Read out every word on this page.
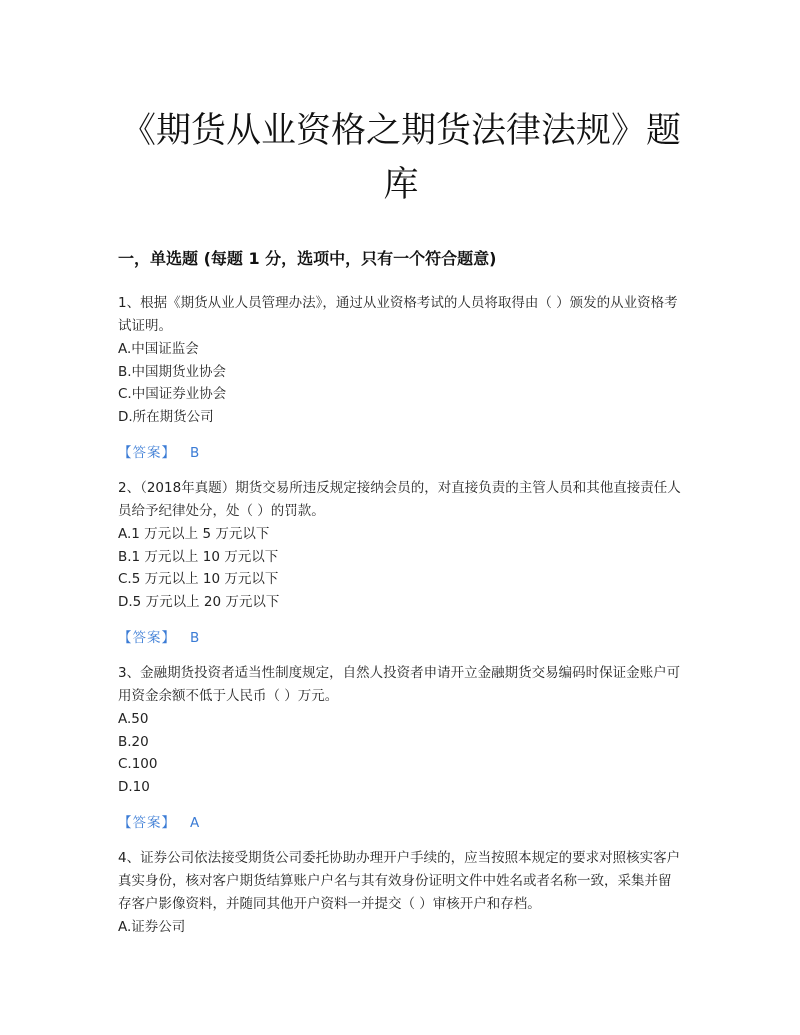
《期货从业资格之期货法律法规》题
库
一，单选题 (每题 1 分，选项中，只有一个符合题意)

1、根据《期货从业人员管理办法》，通过从业资格考试的人员将取得由（ ）颁发的从业资格考试证明。

A.中国证监会

B.中国期货业协会

C.中国证券业协会

D.所在期货公司

【答案】 B

2、（2018年真题）期货交易所违反规定接纳会员的，对直接负责的主管人员和其他直接责任人员给予纪律处分，处（ ）的罚款。

A.1 万元以上 5 万元以下

B.1 万元以上 10 万元以下

C.5 万元以上 10 万元以下

D.5 万元以上 20 万元以下

【答案】 B

3、金融期货投资者适当性制度规定，自然人投资者申请开立金融期货交易编码时保证金账户可用资金余额不低于人民币（ ）万元。

A.50

B.20

C.100

D.10

【答案】 A

4、证券公司依法接受期货公司委托协助办理开户手续的，应当按照本规定的要求对照核实客户真实身份，核对客户期货结算账户户名与其有效身份证明文件中姓名或者名称一致，采集并留存客户影像资料，并随同其他开户资料一并提交（ ）审核开户和存档。

A.证券公司
